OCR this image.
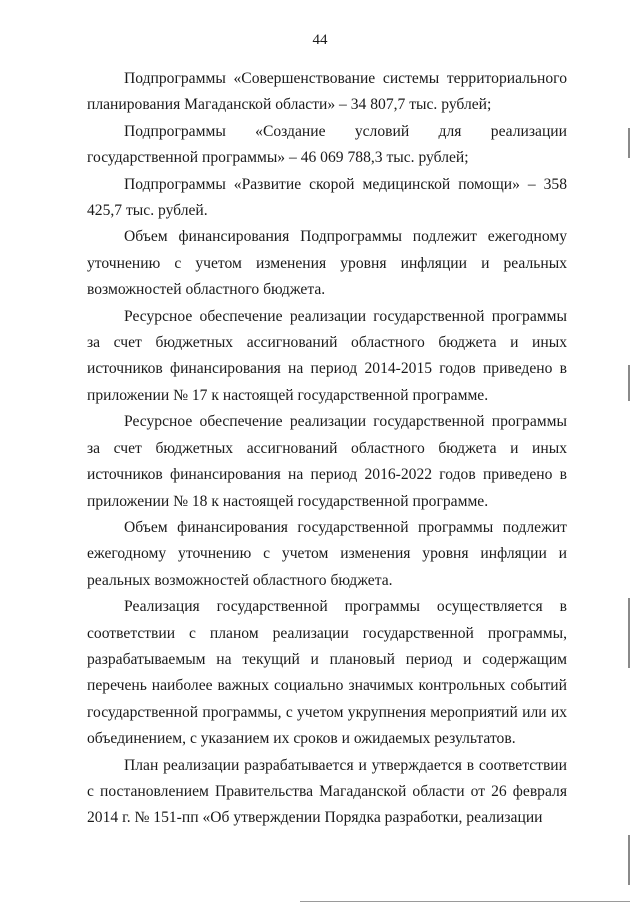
44

Подпрограммы «Совершенствование системы территориального планирования Магаданской области» – 34 807,7 тыс. рублей;

Подпрограммы «Создание условий для реализации государственной программы» – 46 069 788,3 тыс. рублей;

Подпрограммы «Развитие скорой медицинской помощи» – 358 425,7 тыс. рублей.

Объем финансирования Подпрограммы подлежит ежегодному уточнению с учетом изменения уровня инфляции и реальных возможностей областного бюджета.

Ресурсное обеспечение реализации государственной программы за счет бюджетных ассигнований областного бюджета и иных источников финансирования на период 2014-2015 годов приведено в приложении № 17 к настоящей государственной программе.

Ресурсное обеспечение реализации государственной программы за счет бюджетных ассигнований областного бюджета и иных источников финансирования на период 2016-2022 годов приведено в приложении № 18 к настоящей государственной программе.

Объем финансирования государственной программы подлежит ежегодному уточнению с учетом изменения уровня инфляции и реальных возможностей областного бюджета.

Реализация государственной программы осуществляется в соответствии с планом реализации государственной программы, разрабатываемым на текущий и плановый период и содержащим перечень наиболее важных социально значимых контрольных событий государственной программы, с учетом укрупнения мероприятий или их объединением, с указанием их сроков и ожидаемых результатов.

План реализации разрабатывается и утверждается в соответствии с постановлением Правительства Магаданской области от 26 февраля 2014 г. № 151-пп «Об утверждении Порядка разработки, реализации
